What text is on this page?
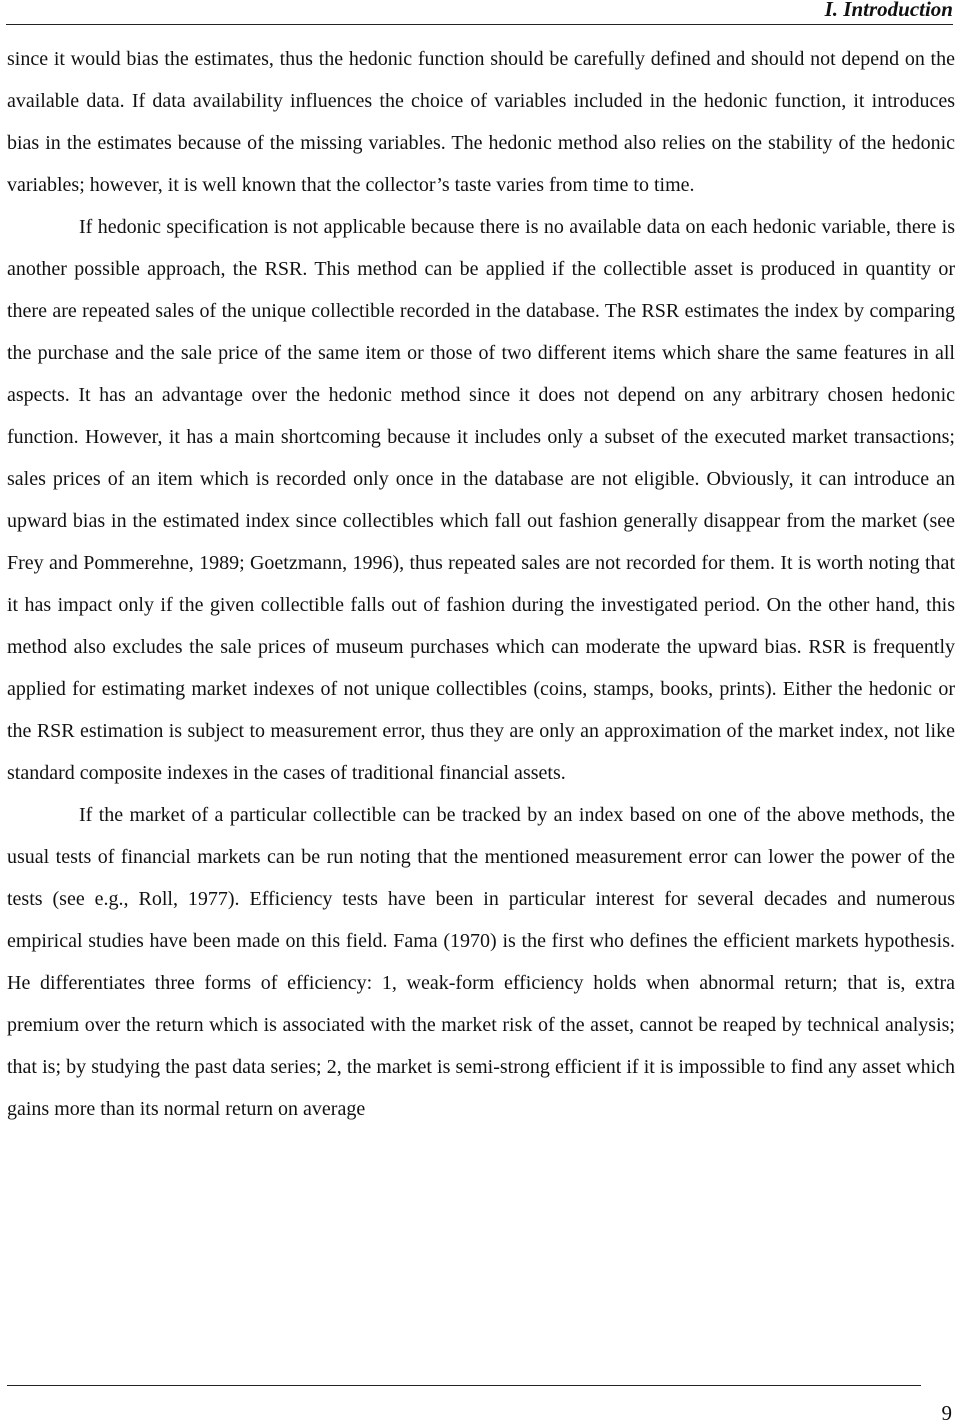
I. Introduction

since it would bias the estimates, thus the hedonic function should be carefully defined and should not depend on the available data. If data availability influences the choice of variables included in the hedonic function, it introduces bias in the estimates because of the missing variables. The hedonic method also relies on the stability of the hedonic variables; however, it is well known that the collector’s taste varies from time to time.

If hedonic specification is not applicable because there is no available data on each hedonic variable, there is another possible approach, the RSR. This method can be applied if the collectible asset is produced in quantity or there are repeated sales of the unique collectible recorded in the database. The RSR estimates the index by comparing the purchase and the sale price of the same item or those of two different items which share the same features in all aspects. It has an advantage over the hedonic method since it does not depend on any arbitrary chosen hedonic function. However, it has a main shortcoming because it includes only a subset of the executed market transactions; sales prices of an item which is recorded only once in the database are not eligible. Obviously, it can introduce an upward bias in the estimated index since collectibles which fall out fashion generally disappear from the market (see Frey and Pommerehne, 1989; Goetzmann, 1996), thus repeated sales are not recorded for them. It is worth noting that it has impact only if the given collectible falls out of fashion during the investigated period. On the other hand, this method also excludes the sale prices of museum purchases which can moderate the upward bias. RSR is frequently applied for estimating market indexes of not unique collectibles (coins, stamps, books, prints). Either the hedonic or the RSR estimation is subject to measurement error, thus they are only an approximation of the market index, not like standard composite indexes in the cases of traditional financial assets.

If the market of a particular collectible can be tracked by an index based on one of the above methods, the usual tests of financial markets can be run noting that the mentioned measurement error can lower the power of the tests (see e.g., Roll, 1977). Efficiency tests have been in particular interest for several decades and numerous empirical studies have been made on this field. Fama (1970) is the first who defines the efficient markets hypothesis. He differentiates three forms of efficiency: 1, weak-form efficiency holds when abnormal return; that is, extra premium over the return which is associated with the market risk of the asset, cannot be reaped by technical analysis; that is; by studying the past data series; 2, the market is semi-strong efficient if it is impossible to find any asset which gains more than its normal return on average

9
